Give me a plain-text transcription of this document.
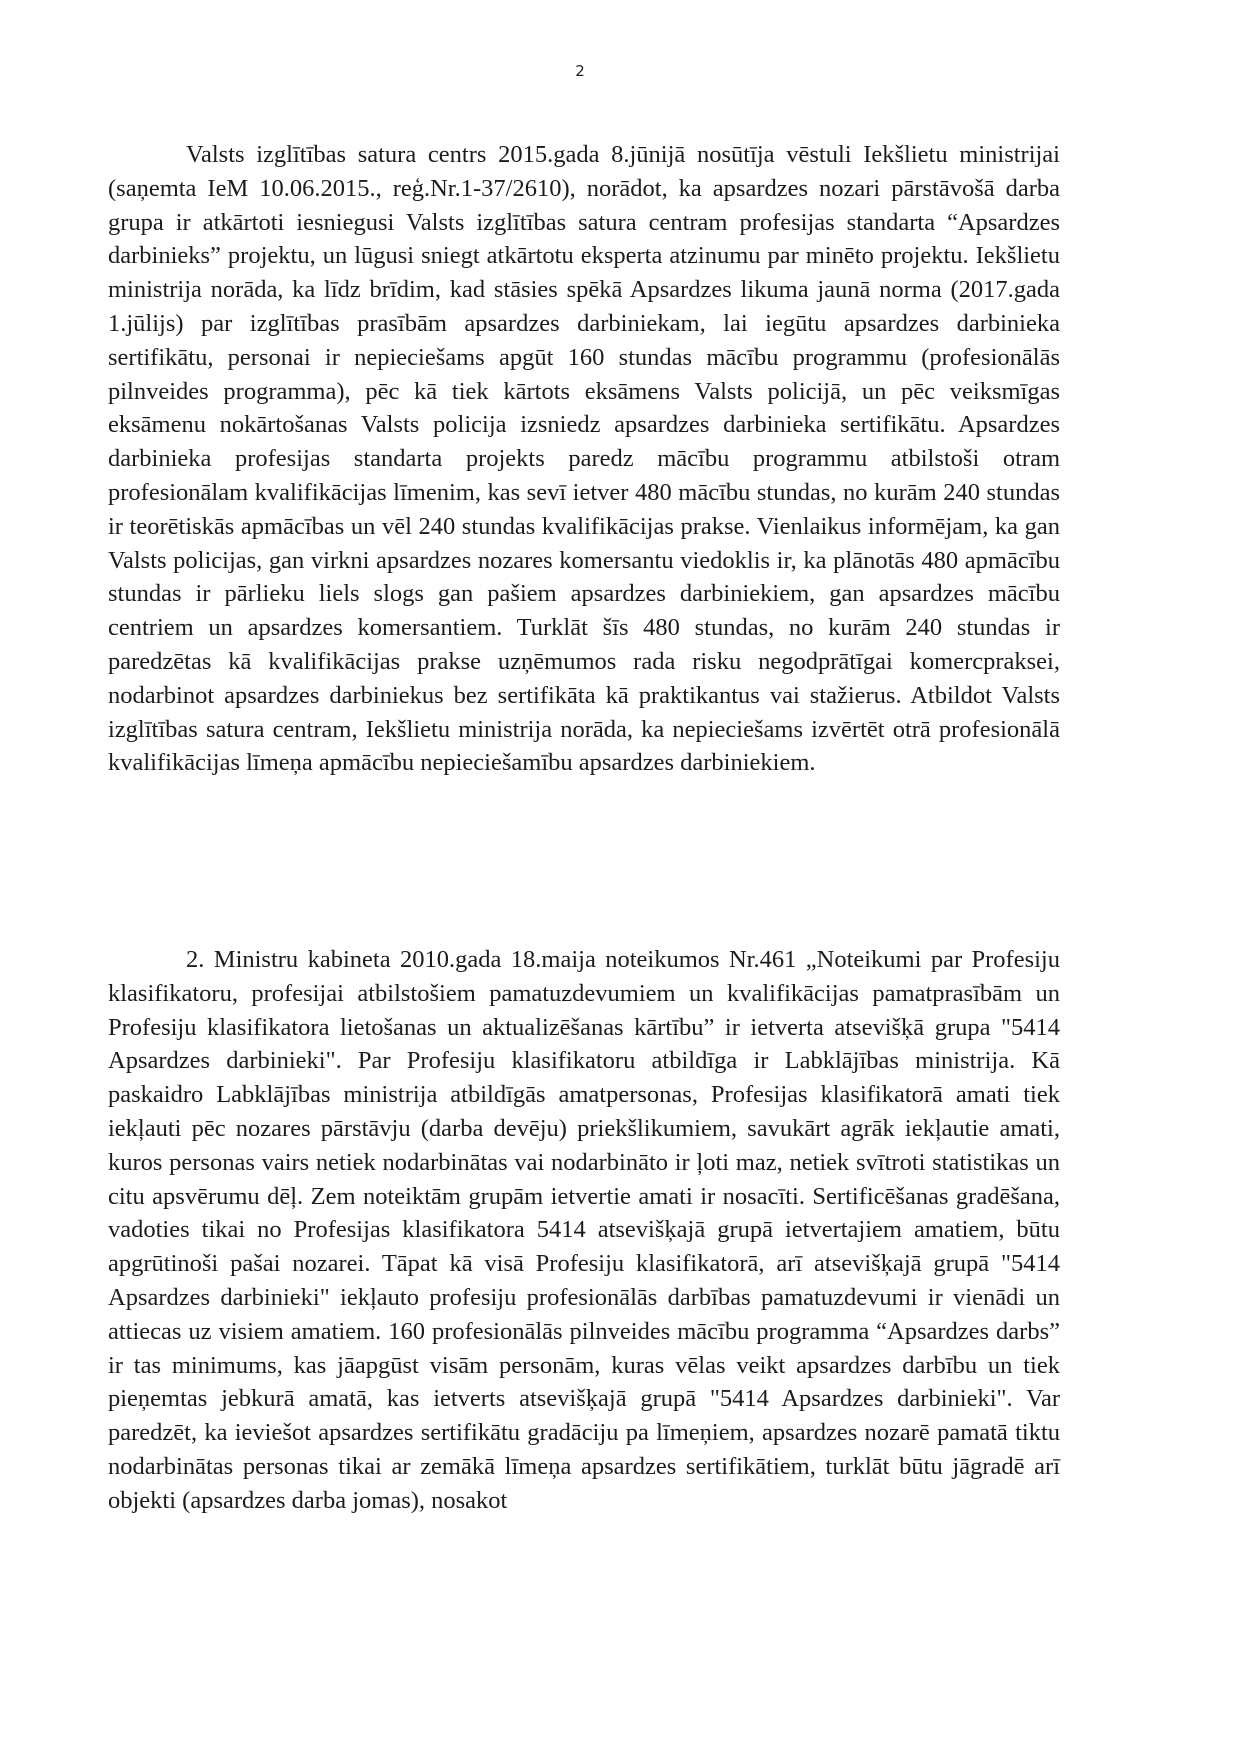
2

Valsts izglītības satura centrs 2015.gada 8.jūnijā nosūtīja vēstuli Iekšlietu ministrijai (saņemta IeM 10.06.2015., reģ.Nr.1-37/2610), norādot, ka apsardzes nozari pārstāvošā darba grupa ir atkārtoti iesniegusi Valsts izglītības satura centram profesijas standarta “Apsardzes darbinieks” projektu, un lūgusi sniegt atkārtotu eksperta atzinumu par minēto projektu. Iekšlietu ministrija norāda, ka līdz brīdim, kad stāsies spēkā Apsardzes likuma jaunā norma (2017.gada 1.jūlijs) par izglītības prasībām apsardzes darbiniekam, lai iegūtu apsardzes darbinieka sertifikātu, personai ir nepieciešams apgūt 160 stundas mācību programmu (profesionālās pilnveides programma), pēc kā tiek kārtots eksāmens Valsts policijā, un pēc veiksmīgas eksāmenu nokārtošanas Valsts policija izsniedz apsardzes darbinieka sertifikātu. Apsardzes darbinieka profesijas standarta projekts paredz mācību programmu atbilstoši otram profesionālam kvalifikācijas līmenim, kas sevī ietver 480 mācību stundas, no kurām 240 stundas ir teorētiskās apmācības un vēl 240 stundas kvalifikācijas prakse. Vienlaikus informējam, ka gan Valsts policijas, gan virkni apsardzes nozares komersantu viedoklis ir, ka plānotās 480 apmācību stundas ir pārlieku liels slogs gan pašiem apsardzes darbiniekiem, gan apsardzes mācību centriem un apsardzes komersantiem. Turklāt šīs 480 stundas, no kurām 240 stundas ir paredzētas kā kvalifikācijas prakse uzņēmumos rada risku negodprātīgai komercpraksei, nodarbinot apsardzes darbiniekus bez sertifikāta kā praktikantus vai stažierus. Atbildot Valsts izglītības satura centram, Iekšlietu ministrija norāda, ka nepieciešams izvērtēt otrā profesionālā kvalifikācijas līmeņa apmācību nepieciešamību apsardzes darbiniekiem.

2. Ministru kabineta 2010.gada 18.maija noteikumos Nr.461 „Noteikumi par Profesiju klasifikatoru, profesijai atbilstošiem pamatuzdevumiem un kvalifikācijas pamatprasībām un Profesiju klasifikatora lietošanas un aktualizēšanas kārtību” ir ietverta atsevišķā grupa "5414 Apsardzes darbinieki". Par Profesiju klasifikatoru atbildīga ir Labklājības ministrija. Kā paskaidro Labklājības ministrija atbildīgās amatpersonas, Profesijas klasifikatorā amati tiek iekļauti pēc nozares pārstāvju (darba devēju) priekšlikumiem, savukārt agrāk iekļautie amati, kuros personas vairs netiek nodarbinātas vai nodarbināto ir ļoti maz, netiek svītroti statistikas un citu apsvērumu dēļ. Zem noteiktām grupām ietvertie amati ir nosacīti. Sertificēšanas gradēšana, vadoties tikai no Profesijas klasifikatora 5414 atsevišķajā grupā ietvertajiem amatiem, būtu apgrūtinoši pašai nozarei. Tāpat kā visā Profesiju klasifikatorā, arī atsevišķajā grupā "5414 Apsardzes darbinieki" iekļauto profesiju profesionālās darbības pamatuzdevumi ir vienādi un attiecas uz visiem amatiem. 160 profesionālās pilnveides mācību programma “Apsardzes darbs” ir tas minimums, kas jāapgūst visām personām, kuras vēlas veikt apsardzes darbību un tiek pieņemtas jebkurā amatā, kas ietverts atsevišķajā grupā "5414 Apsardzes darbinieki". Var paredzēt, ka ieviešot apsardzes sertifikātu gradāciju pa līmeņiem, apsardzes nozarē pamatā tiktu nodarbinātas personas tikai ar zemākā līmeņa apsardzes sertifikātiem, turklāt būtu jāgradē arī objekti (apsardzes darba jomas), nosakot
